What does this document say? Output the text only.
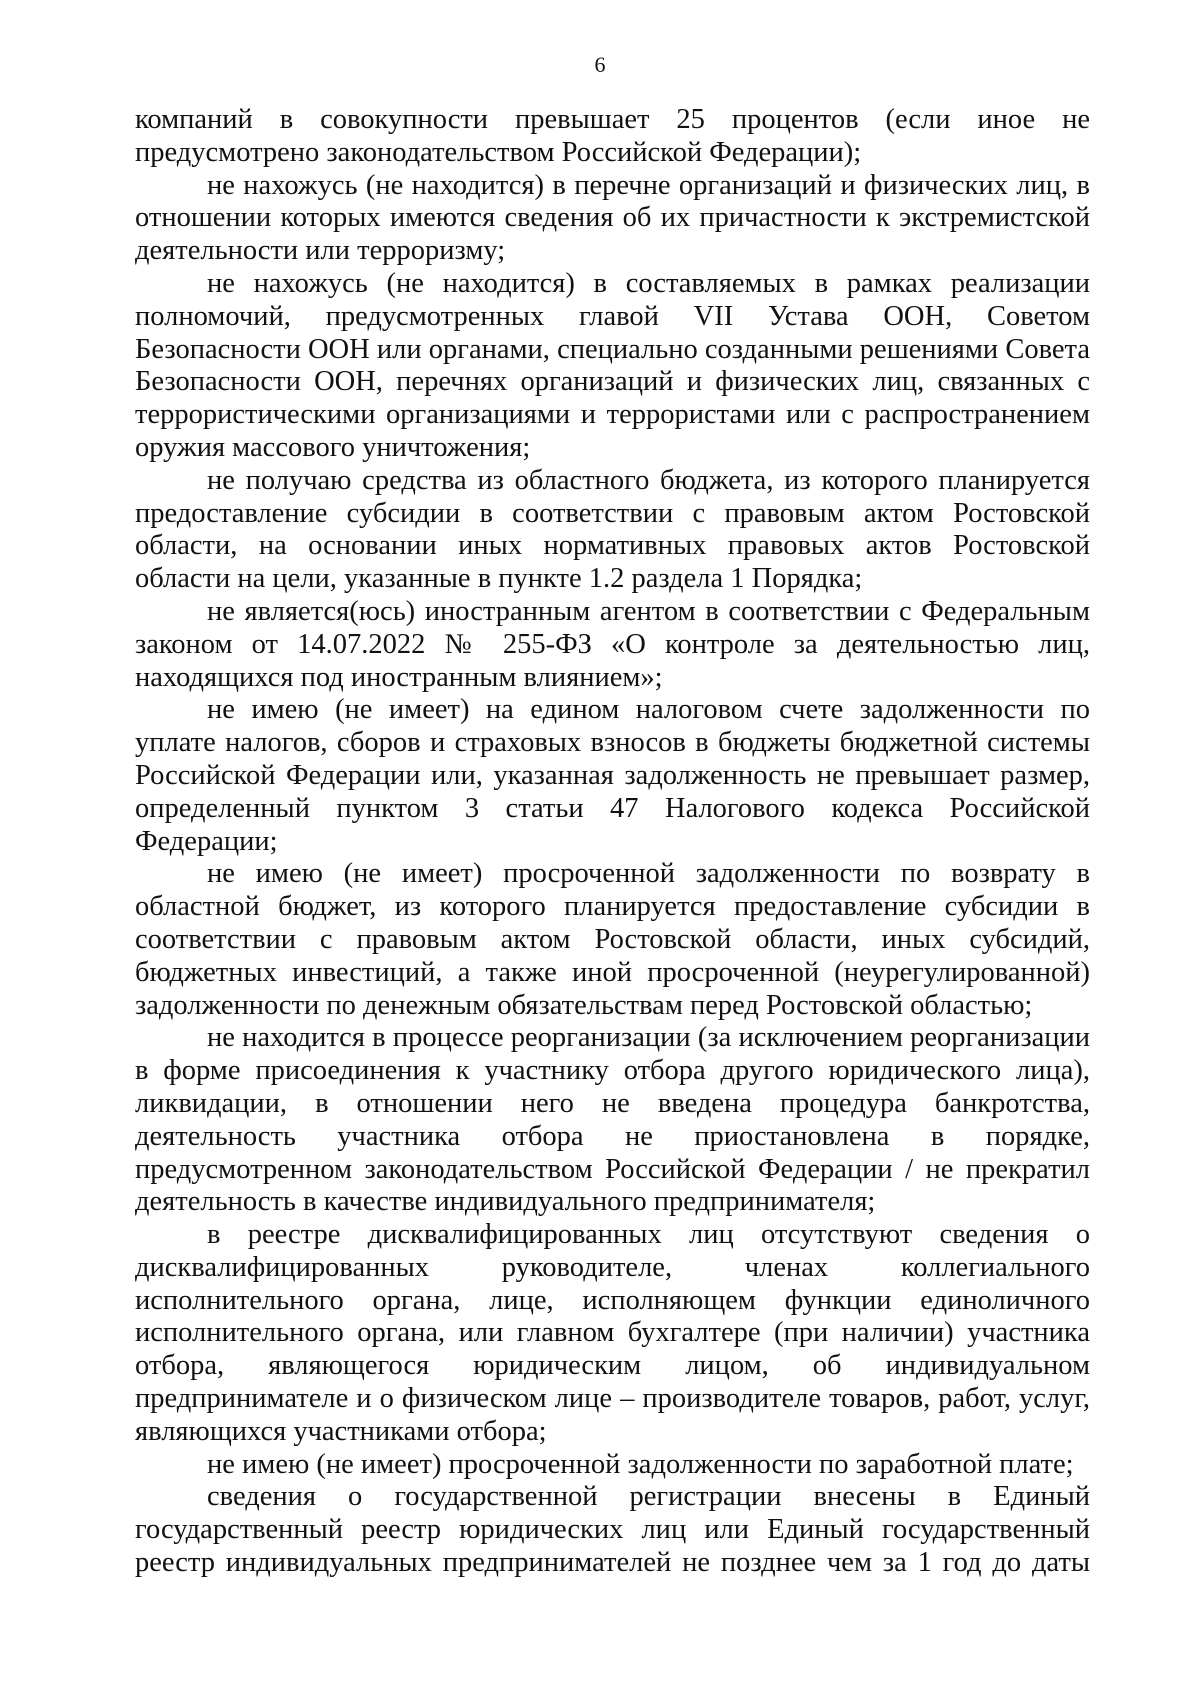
6

компаний в совокупности превышает 25 процентов (если иное не предусмотрено законодательством Российской Федерации);

не нахожусь (не находится) в перечне организаций и физических лиц, в отношении которых имеются сведения об их причастности к экстремистской деятельности или терроризму;

не нахожусь (не находится) в составляемых в рамках реализации полномочий, предусмотренных главой VII Устава ООН, Советом Безопасности ООН или органами, специально созданными решениями Совета Безопасности ООН, перечнях организаций и физических лиц, связанных с террористическими организациями и террористами или с распространением оружия массового уничтожения;

не получаю средства из областного бюджета, из которого планируется предоставление субсидии в соответствии с правовым актом Ростовской области, на основании иных нормативных правовых актов Ростовской области на цели, указанные в пункте 1.2 раздела 1 Порядка;

не является(юсь) иностранным агентом в соответствии с Федеральным законом от 14.07.2022 № 255-ФЗ «О контроле за деятельностью лиц, находящихся под иностранным влиянием»;

не имею (не имеет) на едином налоговом счете задолженности по уплате налогов, сборов и страховых взносов в бюджеты бюджетной системы Российской Федерации или, указанная задолженность не превышает размер, определенный пунктом 3 статьи 47 Налогового кодекса Российской Федерации;

не имею (не имеет) просроченной задолженности по возврату в областной бюджет, из которого планируется предоставление субсидии в соответствии с правовым актом Ростовской области, иных субсидий, бюджетных инвестиций, а также иной просроченной (неурегулированной) задолженности по денежным обязательствам перед Ростовской областью;

не находится в процессе реорганизации (за исключением реорганизации в форме присоединения к участнику отбора другого юридического лица), ликвидации, в отношении него не введена процедура банкротства, деятельность участника отбора не приостановлена в порядке, предусмотренном законодательством Российской Федерации / не прекратил деятельность в качестве индивидуального предпринимателя;

в реестре дисквалифицированных лиц отсутствуют сведения о дисквалифицированных руководителе, членах коллегиального исполнительного органа, лице, исполняющем функции единоличного исполнительного органа, или главном бухгалтере (при наличии) участника отбора, являющегося юридическим лицом, об индивидуальном предпринимателе и о физическом лице – производителе товаров, работ, услуг, являющихся участниками отбора;

не имею (не имеет) просроченной задолженности по заработной плате;

сведения о государственной регистрации внесены в Единый государственный реестр юридических лиц или Единый государственный реестр индивидуальных предпринимателей не позднее чем за 1 год до даты
